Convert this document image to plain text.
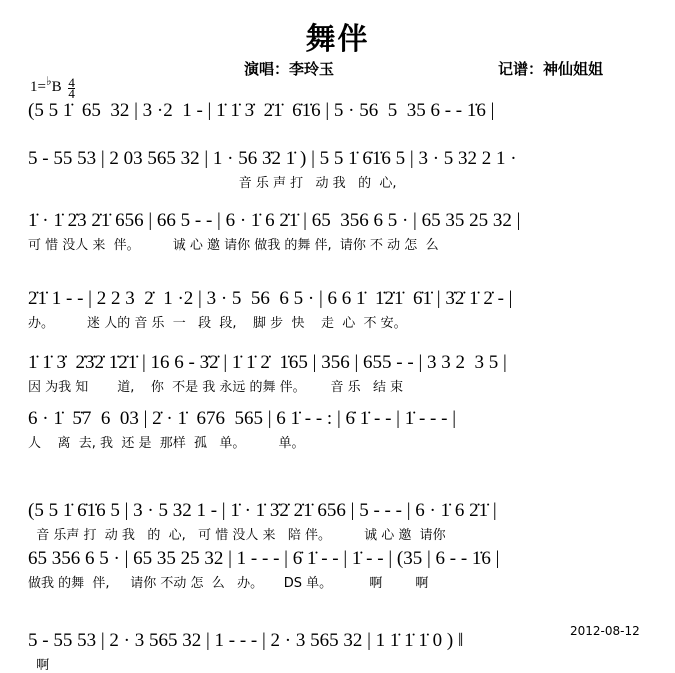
舞伴
演唱：李玲玉	记谱：神仙姐姐
$1=^♭B \frac{4}{4}$
(5 5 1̇  65  32 | 3 ·2  1 - | 1̇ 1̇ 3̇  2̇1̇  6̇1̇6 | 5 · 56  5  35 6 - - 1̇6 |
5 - 55 53 | 2 03 565 32 | 1 · 56 3̇2 1̇ ) | 5 5 1̇ 6̇1̇6 5 | 3 · 5 32 2 1 ·
音 乐 声 打   动 我   的  心,
1̇ · 1̇ 2̇3 2̇1̇ 656 | 66 5 - - | 6 · 1̇ 6 2̇1̇ | 65  356 6 5 · | 65 35 25 32 |
可 惜 没人 来  伴。        诚 心 邀 请你 做我 的舞 伴,  请你 不 动 怎  么
2̇1̇ 1 - - | 2 2 3  2̇  1 ·2 | 3 · 5  56  6 5 · | 6 6 1̇  1̇2̇1̇  6̇1̇ | 3̇2̇ 1̇ 2̇ - |
办。        迷 人的 音 乐  一   段  段,    脚 步  快    走  心  不 安。
1̇ 1̇ 3̇  2̇3̇2̇ 1̇2̇1̇ | 16 6 - 3̇2̇ | 1̇ 1̇ 2̇  1̇65 | 356 | 655 - - | 3 3 2  3 5 |
因 为我 知       道,    你  不是 我 永远 的舞 伴。      音 乐   结 束
6 · 1̇  5̇7  6  03 | 2̇ · 1̇  676  565 | 6 1̇ - - : | 6̇ 1̇ - - | 1̇ - - - |
人    离  去, 我  还 是  那样  孤   单。        单。
(5 5 1̇ 6̇1̇6 5 | 3 · 5 32 1 - | 1̇ · 1̇ 3̇2̇ 2̇1̇ 656 | 5 - - - | 6 · 1̇ 6 2̇1̇ |
音 乐声 打  动 我   的  心,   可 惜 没人 来   陪 伴。        诚 心 邀  请你
65 356 6 5 · | 65 35 25 32 | 1 - - - | 6̇ 1̇ - - | 1̇ - - | (35 | 6 - - 1̇6 |
做我 的舞  伴,     请你 不动 怎  么   办。     DS 单。         啊        啊
5 - 55 53 | 2 · 3 565 32 | 1 - - - | 2 · 3 565 32 | 1 1̇ 1̇ 1̇ 0 ) ‖
啊
2012-08-12
